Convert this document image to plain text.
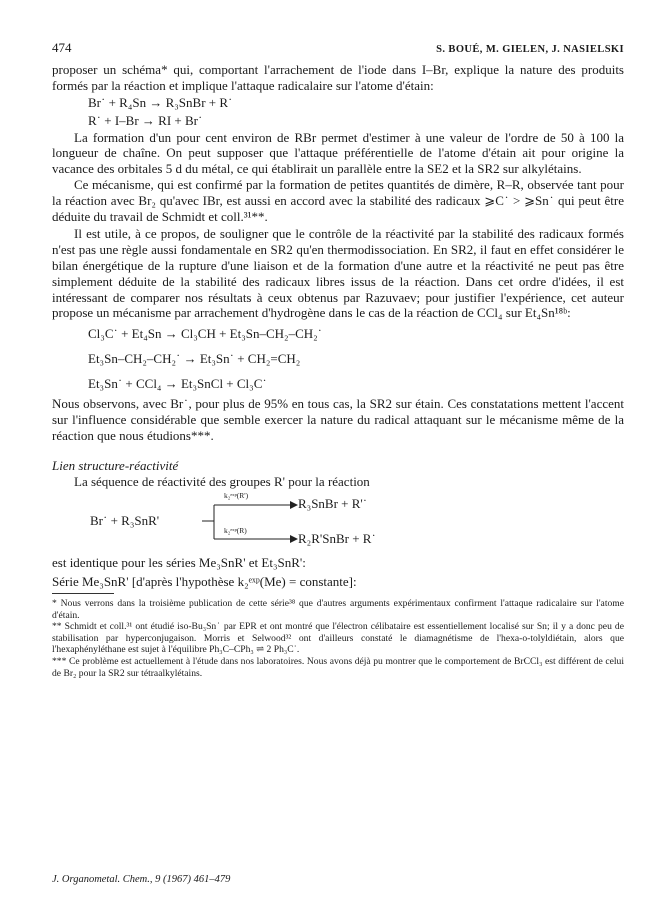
474	S. BOUÉ, M. GIELEN, J. NASIELSKI

proposer un schéma* qui, comportant l'arrachement de l'iode dans I–Br, explique la nature des produits formés par la réaction et implique l'attaque radicalaire sur l'atome d'étain:

Br˙ + R₄Sn → R₃SnBr + R˙
R˙ + I–Br → RI + Br˙

La formation d'un pour cent environ de RBr permet d'estimer à une valeur de l'ordre de 50 à 100 la longueur de chaîne. On peut supposer que l'attaque préférentielle de l'atome d'étain ait pour origine la vacance des orbitales 5 d du métal, ce qui établirait un parallèle entre la SE2 et la SR2 sur alkylétains.

Ce mécanisme, qui est confirmé par la formation de petites quantités de dimère, R–R, observée tant pour la réaction avec Br₂ qu'avec IBr, est aussi en accord avec la stabilité des radicaux ⩾C˙ > ⩾Sn˙ qui peut être déduite du travail de Schmidt et coll.³¹**.

Il est utile, à ce propos, de souligner que le contrôle de la réactivité par la stabilité des radicaux formés n'est pas une règle aussi fondamentale en SR2 qu'en thermodissociation. En SR2, il faut en effet considérer le bilan énergétique de la rupture d'une liaison et de la formation d'une autre et la réactivité ne peut pas être simplement déduite de la stabilité des radicaux libres issus de la réaction. Dans cet ordre d'idées, il est intéressant de comparer nos résultats à ceux obtenus par Razuvaev; pour justifier l'expérience, cet auteur propose un mécanisme par arrachement d'hydrogène dans le cas de la réaction de CCl₄ sur Et₄Sn¹⁸ᵇ:

Cl₃C˙ + Et₄Sn → Cl₃CH + Et₃Sn–CH₂–CH₂˙
Et₃Sn–CH₂–CH₂˙ → Et₃Sn˙ + CH₂=CH₂
Et₃Sn˙ + CCl₄ → Et₃SnCl + Cl₃C˙

Nous observons, avec Br˙, pour plus de 95% en tous cas, la SR2 sur étain. Ces constatations mettent l'accent sur l'influence considérable que semble exercer la nature du radical attaquant sur le mécanisme même de la réaction que nous étudions***.

Lien structure-réactivité

La séquence de réactivité des groupes R' pour la réaction

Br˙ + R₃SnR'
k₂ᵉˣᵖ(R')
k₂ᵉˣᵖ(R)
R₃SnBr + R'˙
R₂R'SnBr + R˙

est identique pour les séries Me₃SnR' et Et₃SnR':

Série Me₃SnR' [d'après l'hypothèse k₂ᵉˣᵖ(Me) = constante]:

* Nous verrons dans la troisième publication de cette série³⁸ que d'autres arguments expérimentaux confirment l'attaque radicalaire sur l'atome d'étain.
** Schmidt et coll.³¹ ont étudié iso-Bu₃Sn˙ par EPR et ont montré que l'électron célibataire est essentiellement localisé sur Sn; il y a donc peu de stabilisation par hyperconjugaison. Morris et Selwood³² ont d'ailleurs constaté le diamagnétisme de l'hexa-o-tolyldiétain, alors que l'hexaphényléthane est sujet à l'équilibre Ph₃C–CPh₃ ⇌ 2 Ph₃C˙.
*** Ce problème est actuellement à l'étude dans nos laboratoires. Nous avons déjà pu montrer que le comportement de BrCCl₃ est différent de celui de Br₂ pour la SR2 sur tétraalkylétains.
J. Organometal. Chem., 9 (1967) 461–479
